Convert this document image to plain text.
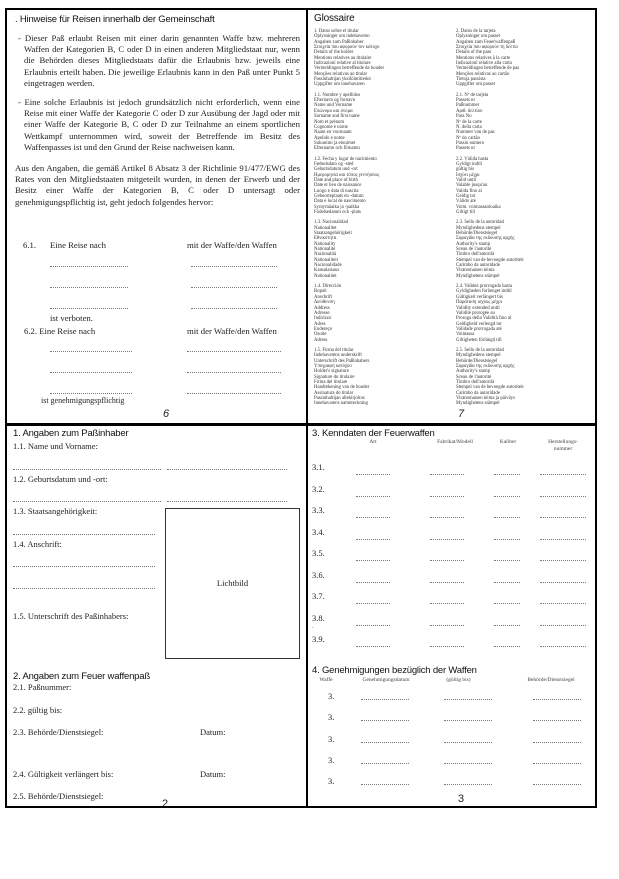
. Hinweise für Reisen innerhalb der Gemeinschaft

- Dieser Paß erlaubt Reisen mit einer darin genannten Waffe bzw. mehreren Waffen der Kategorien B, C oder D in einen anderen Mitgliedstaat nur, wenn die Behörden dieses Mitgliedstaats dafür die Erlaubnis bzw. jeweils eine Erlaubnis erteilt haben. Die jeweilige Erlaubnis kann in den Paß unter Punkt 5 eingetragen werden.

- Eine solche Erlaubnis ist jedoch grundsätzlich nicht erforderlich, wenn eine Reise mit einer Waffe der Kategorie C oder D zur Ausübung der Jagd oder mit einer Waffe der Kategorie B, C oder D zur Teilnahme an einem sportlichen Wettkampf unternommen wird, soweit der Betreffende im Besitz des Waffenpasses ist und den Grund der Reise nachweisen kann.

Aus den Angaben, die gemäß Artikel 8 Absatz 3 der Richtlinie 91/477/EWG des Rates von den Mitgliedstaaten mitgeteilt wurden, in denen der Erwerb und der Besitz einer Waffe der Kategorien B, C oder D untersagt oder genehmigungspflichtig ist, geht jedoch folgendes hervor:

6.1. Eine Reise nach	mit der Waffe/den Waffen
ist verboten.
6.2. Eine Reise nach	mit der Waffe/den Waffen
ist genehmigungspflichtig
6
Glossaire
1. Datos sobre el titular
Oplysninger om indehaveren
Angaben zum Paßinhaber
Στοιχεία που αφορούν τον κάτοχο
Details of the holder
Mentions relatives au titulaire
Indicazioni relative al titolare
Vermeldingen betreffende de houder
Menções relativas ao titular
Passinhaltijan yksilöintitiedot
Uppgifter om innehavaren
1.1. Nombre y apellidos
Efternavn og fornavn
Name und Vorname
Επώνυμο και όνομα
Surname and first name
Nom et prénom
Cognome e nome
Naam en voornaam
Apelido e nome
Sukunimi ja etunimet
Efternamn och förnamn
1.2. Fecha y lugar de nacimiento
Fødselsdato og -sted
Geburtsdatum und -ort
Ημερομηνία και τόπος γεννήσεως
Date and place of birth
Date et lieu de naissance
Luogo e data di nascita
Geboorteplaats en -datum
Data e local de nascimento
Syntymäaika ja -paikka
Födelsedatum och -plats
1.3. Nacionalidad
Nationalitet
Staatsangehörigkeit
Εθνικότητα
Nationality
Nationalité
Nazionalità
Nationaliteit
Nacionalidade
Kansalaisuus
Nationalitet
1.4. Dirección
Bopæl
Anschrift
Διεύθυνση
Address
Adresse
Indirizzo
Adres
Endereço
Osoite
Adress
1.5. Firma del titular
Indehaverens underskrift
Unterschrift des Paßinhabers
Υπογραφή κατόχου
Holder's signature
Signature du titulaire
Firma del titolare
Handtekening van de houder
Assinatura do titular
Passinhaltijan allekirjoitus
Innehavarens namnteckning
2. Datos de la tarjeta
Oplysninger om passet
Angaben zum Feuerwaffenpaß
Στοιχεία που αφορούν τη δελτίο
Details of the pass
Mentions relatives à la carte
Indicazioni relative alla carta
Vermeldingen betreffende de pas
Menções relativas ao cartão
Tietoja passista
Uppgifter om passet
2.1. Nº de tarjeta
Passets nr
Paßnummer
Αριθ. δελτίου
Pass No
Nº de la carte
N. della carta
Nummer van de pas
Nº do cartão
Passin numero
Passets nr
2.2. Válida hasta
Gyldigt indtil
gültig bis
Ισχύει μέχρι
Valid until
Valable jusqu'au
Valida fino al
Geldig tot
Válido até
Voim. voimassaoloaika
Giltigt till
2.3. Sello de la autoridad
Myndighedens stempel
Behörde/Dienstsiegel
Σφραγίδα της εκδούσης αρχής
Authority's stamp
Sceau de l'autorité
Timbro dell'autorità
Stempel van de bevoegde autoriteit
Carimbo da autoridade
Viranomaisen leima
Myndighetens stämpel
2.4. Validez prorrogada hasta
Gyldigheden forlænget indtil
Gültigkeit verlängert bis
Παράταση ισχύος μέχρι
Validity extended until
Validité prorogée au
Proroga della Validità fino al
Geldigheid verlengd tot
Validade prorrogada até
Voimassa
Giltigheten förlängd till
2.5. Sello de la autoridad
Myndighedens stempel
Behörde/Dienstsiegel
Σφραγίδα της εκδούσης αρχής
Authority's stamp
Sceau de l'autorité
Timbro dell'autorità
Stempel van de bevoegde autoriteit
Carimbo da autoridade
Viranomaisen leima ja päiväys
Myndighetens stämpel
7
1. Angaben zum Paßinhaber
1.1. Name und Vorname:
1.2. Geburtsdatum und -ort:
1.3. Staatsangehörigkeit:
1.4. Anschrift:
1.5. Unterschrift des Paßinhabers:
Lichtbild
2. Angaben zum Feuer waffenpaß
2.1. Paßnummer:
2.2. gültig bis:
2.3. Behörde/Dienstsiegel:	Datum:
2.4. Gültigkeit verlängert bis:	Datum:
2.5. Behörde/Dienstsiegel:
2
3. Kenndaten der Feuerwaffen
Art	Fabrikat/Modell	Kaliber	Herstellungs-
nummer
3.1.
3.2.
3.3.
3.4.
3.5.
3.6.
3.7.
3.8.
3.9.
.
4. Genehmigungen bezüglich der Waffen
Waffe	Genehmigungsdatum	(gültig bis)	Behörde/Dienstsiegel
3.
3.
3.
3.
3.
3
